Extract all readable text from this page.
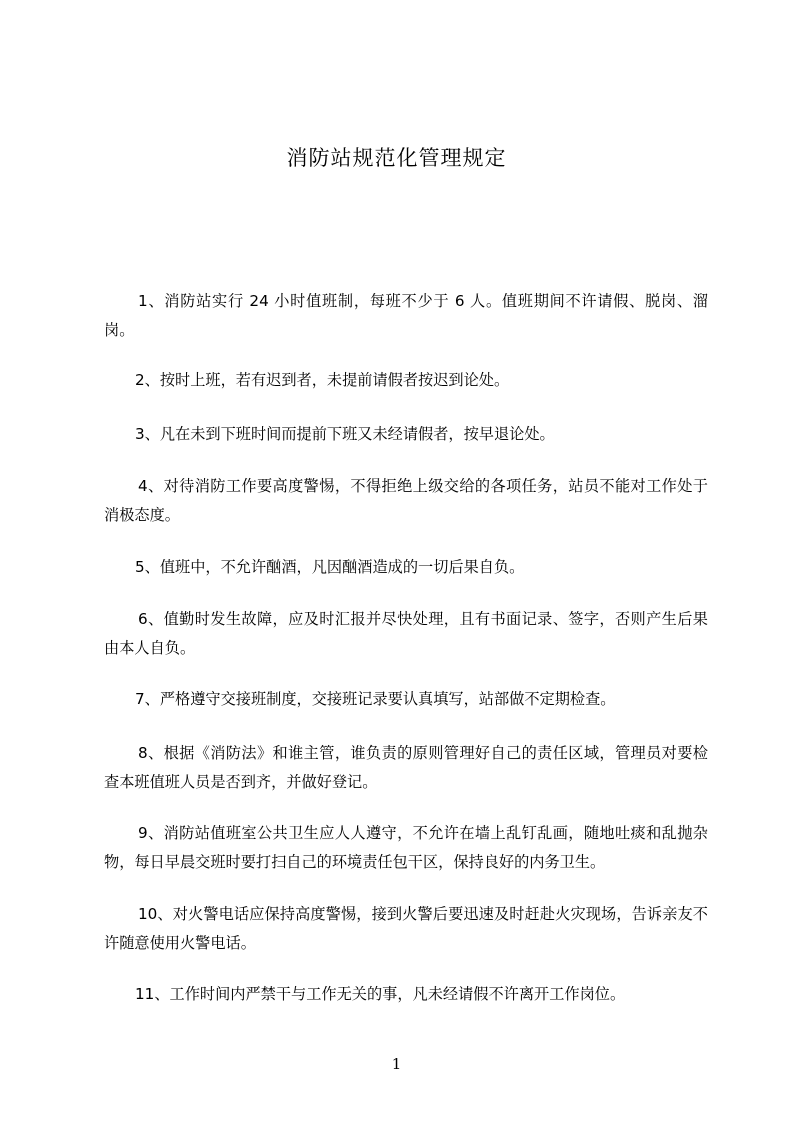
消防站规范化管理规定

1、消防站实行 24 小时值班制，每班不少于 6 人。值班期间不许请假、脱岗、溜岗。

2、按时上班，若有迟到者，未提前请假者按迟到论处。

3、凡在未到下班时间而提前下班又未经请假者，按早退论处。

4、对待消防工作要高度警惕，不得拒绝上级交给的各项任务，站员不能对工作处于消极态度。

5、值班中，不允许酗酒，凡因酗酒造成的一切后果自负。

6、值勤时发生故障，应及时汇报并尽快处理，且有书面记录、签字，否则产生后果由本人自负。

7、严格遵守交接班制度，交接班记录要认真填写，站部做不定期检查。

8、根据《消防法》和谁主管，谁负责的原则管理好自己的责任区域，管理员对要检查本班值班人员是否到齐，并做好登记。

9、消防站值班室公共卫生应人人遵守，不允许在墙上乱钉乱画，随地吐痰和乱抛杂物，每日早晨交班时要打扫自己的环境责任包干区，保持良好的内务卫生。

10、对火警电话应保持高度警惕，接到火警后要迅速及时赶赴火灾现场，告诉亲友不许随意使用火警电话。

11、工作时间内严禁干与工作无关的事，凡未经请假不许离开工作岗位。

1
